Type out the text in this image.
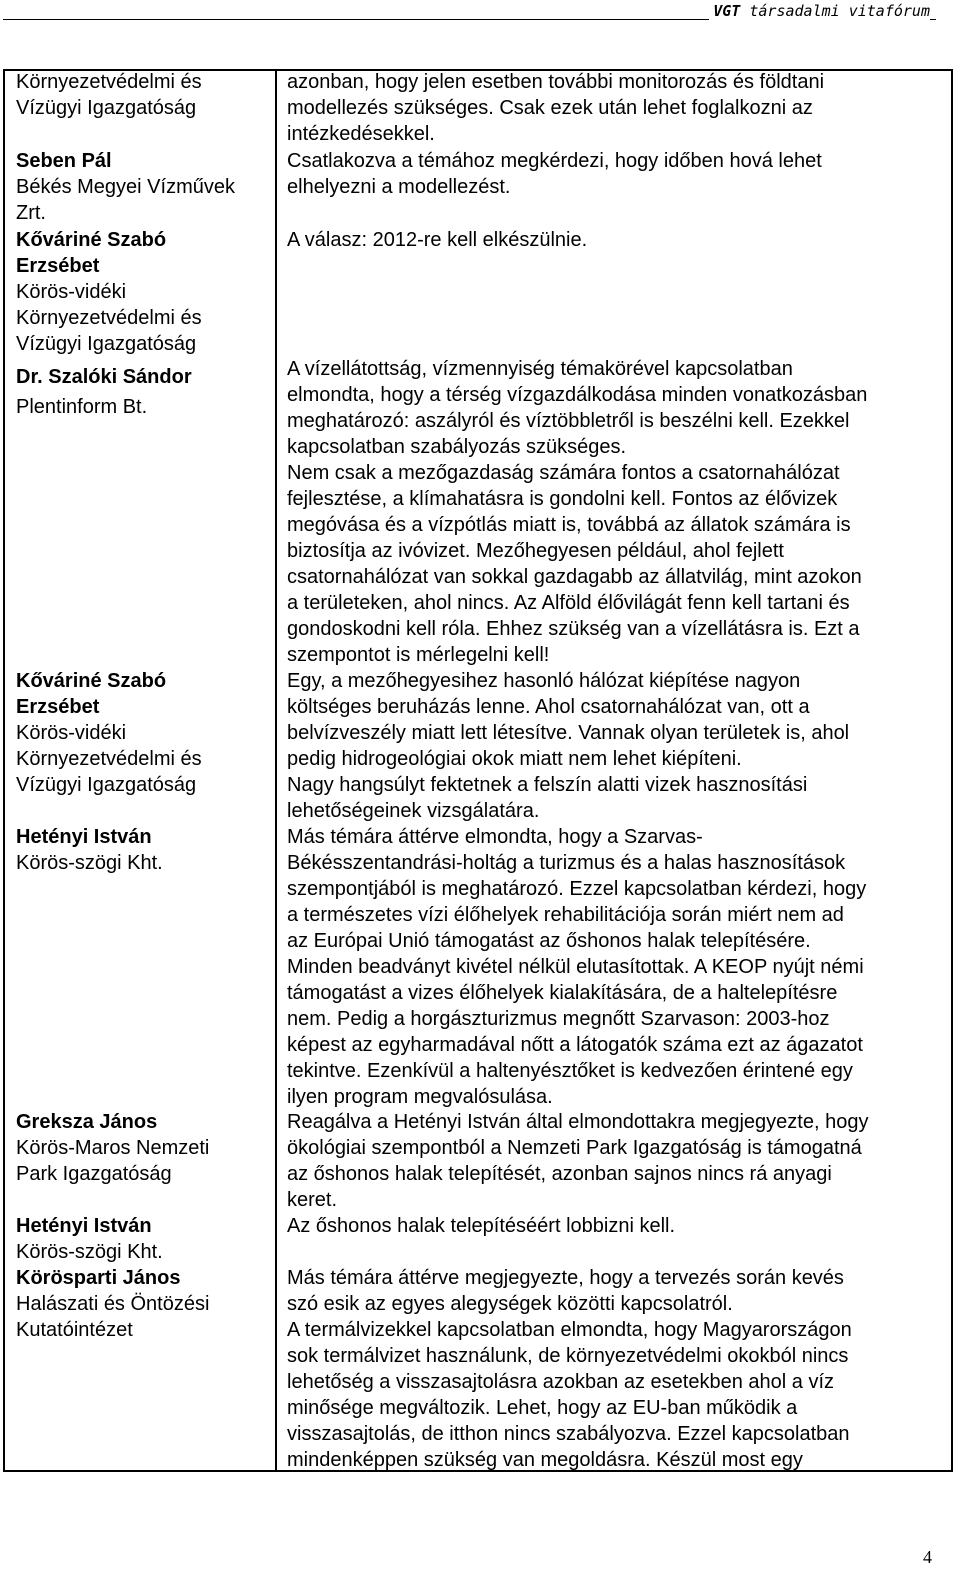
VGT társadalmi vitafórum
Környezetvédelmi és
Vízügyi Igazgatóság
Seben Pál
Békés Megyei Vízművek
Zrt.
Kőváriné Szabó
Erzsébet
Körös-vidéki
Környezetvédelmi és
Vízügyi Igazgatóság
Dr. Szalóki Sándor
Plentinform Bt.
Kőváriné Szabó
Erzsébet
Körös-vidéki
Környezetvédelmi és
Vízügyi Igazgatóság
Hetényi István
Körös-szögi Kht.
Greksza János
Körös-Maros Nemzeti
Park Igazgatóság
Hetényi István
Körös-szögi Kht.
Körösparti János
Halászati és Öntözési
Kutatóintézet
azonban, hogy jelen esetben további monitorozás és földtani
modellezés szükséges. Csak ezek után lehet foglalkozni az
intézkedésekkel.
Csatlakozva a témához megkérdezi, hogy időben hová lehet
elhelyezni a modellezést.
A válasz: 2012-re kell elkészülnie.
A vízellátottság, vízmennyiség témakörével kapcsolatban
elmondta, hogy a térség vízgazdálkodása minden vonatkozásban
meghatározó: aszályról és víztöbbletről is beszélni kell. Ezekkel
kapcsolatban szabályozás szükséges.
Nem csak a mezőgazdaság számára fontos a csatornahálózat
fejlesztése, a klímahatásra is gondolni kell. Fontos az élővizek
megóvása és a vízpótlás miatt is, továbbá az állatok számára is
biztosítja az ivóvizet. Mezőhegyesen például, ahol fejlett
csatornahálózat van sokkal gazdagabb az állatvilág, mint azokon
a területeken, ahol nincs. Az Alföld élővilágát fenn kell tartani és
gondoskodni kell róla. Ehhez szükség van a vízellátásra is. Ezt a
szempontot is mérlegelni kell!
Egy, a mezőhegyesihez hasonló hálózat kiépítése nagyon
költséges beruházás lenne. Ahol csatornahálózat van, ott a
belvízveszély miatt lett létesítve. Vannak olyan területek is, ahol
pedig hidrogeológiai okok miatt nem lehet kiépíteni.
Nagy hangsúlyt fektetnek a felszín alatti vizek hasznosítási
lehetőségeinek vizsgálatára.
Más témára áttérve elmondta, hogy a Szarvas-
Békésszentandrási-holtág a turizmus és a halas hasznosítások
szempontjából is meghatározó. Ezzel kapcsolatban kérdezi, hogy
a természetes vízi élőhelyek rehabilitációja során miért nem ad
az Európai Unió támogatást az őshonos halak telepítésére.
Minden beadványt kivétel nélkül elutasítottak. A KEOP nyújt némi
támogatást a vizes élőhelyek kialakítására, de a haltelepítésre
nem. Pedig a horgászturizmus megnőtt Szarvason: 2003-hoz
képest az egyharmadával nőtt a látogatók száma ezt az ágazatot
tekintve. Ezenkívül a haltenyésztőket is kedvezően érintené egy
ilyen program megvalósulása.
Reagálva a Hetényi István által elmondottakra megjegyezte, hogy
ökológiai szempontból a Nemzeti Park Igazgatóság is támogatná
az őshonos halak telepítését, azonban sajnos nincs rá anyagi
keret.
Az őshonos halak telepítéséért lobbizni kell.
Más témára áttérve megjegyezte, hogy a tervezés során kevés
szó esik az egyes alegységek közötti kapcsolatról.
A termálvizekkel kapcsolatban elmondta, hogy Magyarországon
sok termálvizet használunk, de környezetvédelmi okokból nincs
lehetőség a visszasajtolásra azokban az esetekben ahol a víz
minősége megváltozik. Lehet, hogy az EU-ban működik a
visszasajtolás, de itthon nincs szabályozva. Ezzel kapcsolatban
mindenképpen szükség van megoldásra. Készül most egy
4
